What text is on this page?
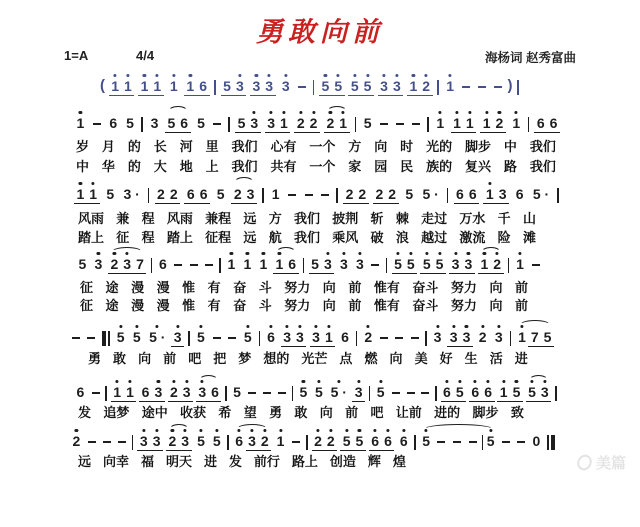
勇敢向前
1=A	4/4	海杨词 赵秀富曲
( 1 1 1 1 1 1 6 5 3 3 3 3 5 5 5 5 3 3 1 2 1	)
1 6 5 3 5 6 5 5 3 3 1 2 2 2 1 5	1 1 1 1 2 1 6 6
岁 月 的 长 河 里 我们 心有 一个 方 向 时 光的 脚步 中 我们
中 华 的 大 地 上 我们 共有 一个 家 园 民 族的 复兴 路 我们
1 1 5 3 · 2 2 6 6 5 2 3 1	2 2 2 2 5 5 · 6 6 1 3 6 5 ·
风雨 兼 程 风雨 兼程 远 方 我们 披荆 斩 棘 走过 万水 千 山
踏上 征 程 踏上 征程 远 航 我们 乘风 破 浪 越过 激流 险 滩
5 3 2 3 7 6	1 1 1 1 6 5 3 3 3 5 5 5 5 3 3 1 2 1
征 途 漫 漫 惟 有 奋 斗 努力 向 前 惟有 奋斗 努力 向 前
征 途 漫 漫 惟 有 奋 斗 努力 向 前 惟有 奋斗 努力 向 前
5 5 5 · 3 5	5 6 3 3 3 1 6 2	3 3 3 2 3 1 7 5
勇 敢 向 前 吧 把 梦 想的 光芒 点 燃 向 美 好 生 活 进
6 1 1 6 3 2 3 3 6 5	5 5 5 · 3 5	6 5 6 6 1 5 5 3
发 追梦 途中 收获 希 望 勇 敢 向 前 吧 让前 进的 脚步 致
2	3 3 2 3 5 5 6 3 2 1 2 2 5 5 6 6 6 5	5	0
远 向幸 福 明天 进 发 前行 路上 创造 辉 煌	美篇
